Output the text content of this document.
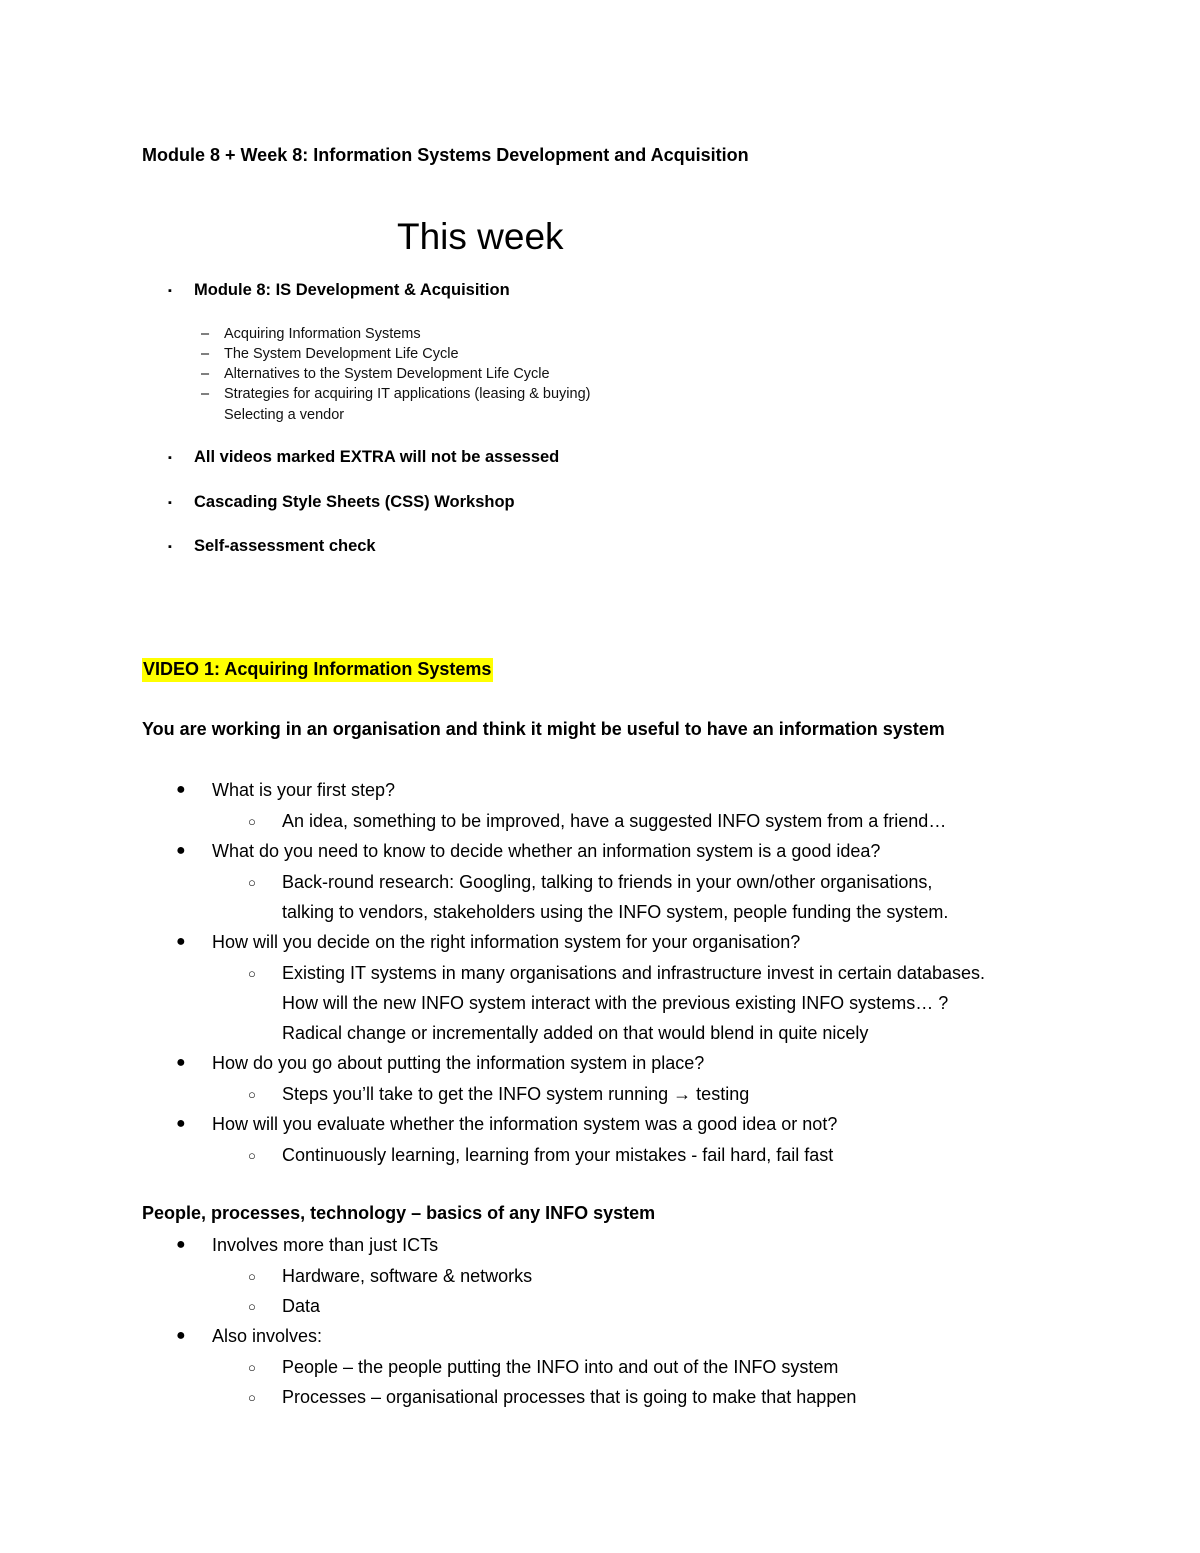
Module 8 + Week 8: Information Systems Development and Acquisition
This week
▪ Module 8: IS Development & Acquisition
– Acquiring Information Systems
– The System Development Life Cycle
– Alternatives to the System Development Life Cycle
– Strategies for acquiring IT applications (leasing & buying)
Selecting a vendor
▪ All videos marked EXTRA will not be assessed
▪ Cascading Style Sheets (CSS) Workshop
▪ Self-assessment check
VIDEO 1: Acquiring Information Systems
You are working in an organisation and think it might be useful to have an information system
● What is your first step?
○ An idea, something to be improved, have a suggested INFO system from a friend…
● What do you need to know to decide whether an information system is a good idea?
○ Back-round research: Googling, talking to friends in your own/other organisations,
talking to vendors, stakeholders using the INFO system, people funding the system.
● How will you decide on the right information system for your organisation?
○ Existing IT systems in many organisations and infrastructure invest in certain databases.
How will the new INFO system interact with the previous existing INFO systems… ?
Radical change or incrementally added on that would blend in quite nicely
● How do you go about putting the information system in place?
○ Steps you’ll take to get the INFO system running → testing
● How will you evaluate whether the information system was a good idea or not?
○ Continuously learning, learning from your mistakes - fail hard, fail fast
People, processes, technology – basics of any INFO system
● Involves more than just ICTs
○ Hardware, software & networks
○ Data
● Also involves:
○ People – the people putting the INFO into and out of the INFO system
○ Processes – organisational processes that is going to make that happen
